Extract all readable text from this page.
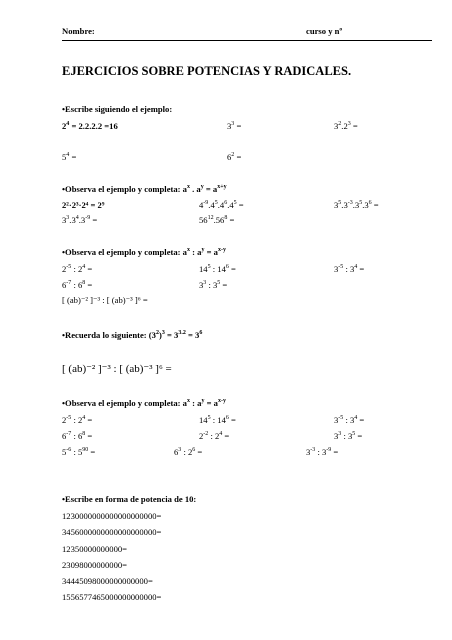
Nombre:	curso y nº
EJERCICIOS SOBRE POTENCIAS Y RADICALES.
•Escribe siguiendo el ejemplo:
$2^4 = 2.2.2.2 =16$	$3^3$ =	$3^2.2^3$ =
$5^4$ =	$6^2$ =
•Observa el ejemplo y completa: $a^x$ . $a^y = a^{x+y}$
2²·2³·2⁴ = 2⁹	$4^{-9}.4^5.4^6.4^5$ =	$3^5.3^{-3}.3^5.3^6$ =
$3^3.3^4.3^{-9}$ =	$56^{12}.56^8$ =
•Observa el ejemplo y completa: $a^x$ : $a^y = a^{x-y}$
$2^{-5}$ : $2^4$ =	$14^5$ : $14^6$ =	$3^{-5}$ : $3^4$ =
$6^{-7}$ : $6^8$ =	$3^3$ : $3^5$ =
[ (ab)⁻² ]⁻³ : [ (ab)⁻³ ]⁶ =
•Recuerda lo siguiente: $(3^2)^3 = 3^{3.2} = 3^6$
[ (ab)⁻² ]⁻³ : [ (ab)⁻³ ]⁶ =
•Observa el ejemplo y completa: $a^x$ : $a^y = a^{x-y}$
$2^{-5}$ : $2^4$ =	$14^5$ : $14^6$ =	$3^{-5}$ : $3^4$ =
$6^{-7}$ : $6^8$ =	$2^{-2}$ : $2^4$ =	$3^3$ : $3^5$ =
$5^{-6}$ : $5^{90}$ =	$6^3$ : $2^6$ =	$3^{-3}$ : $3^{-9}$ =
•Escribe en forma de potencia de 10:
1230000000000000000000=
3456000000000000000000=
12350000000000=
23098000000000=
34445098000000000000=
1556577465000000000000=
